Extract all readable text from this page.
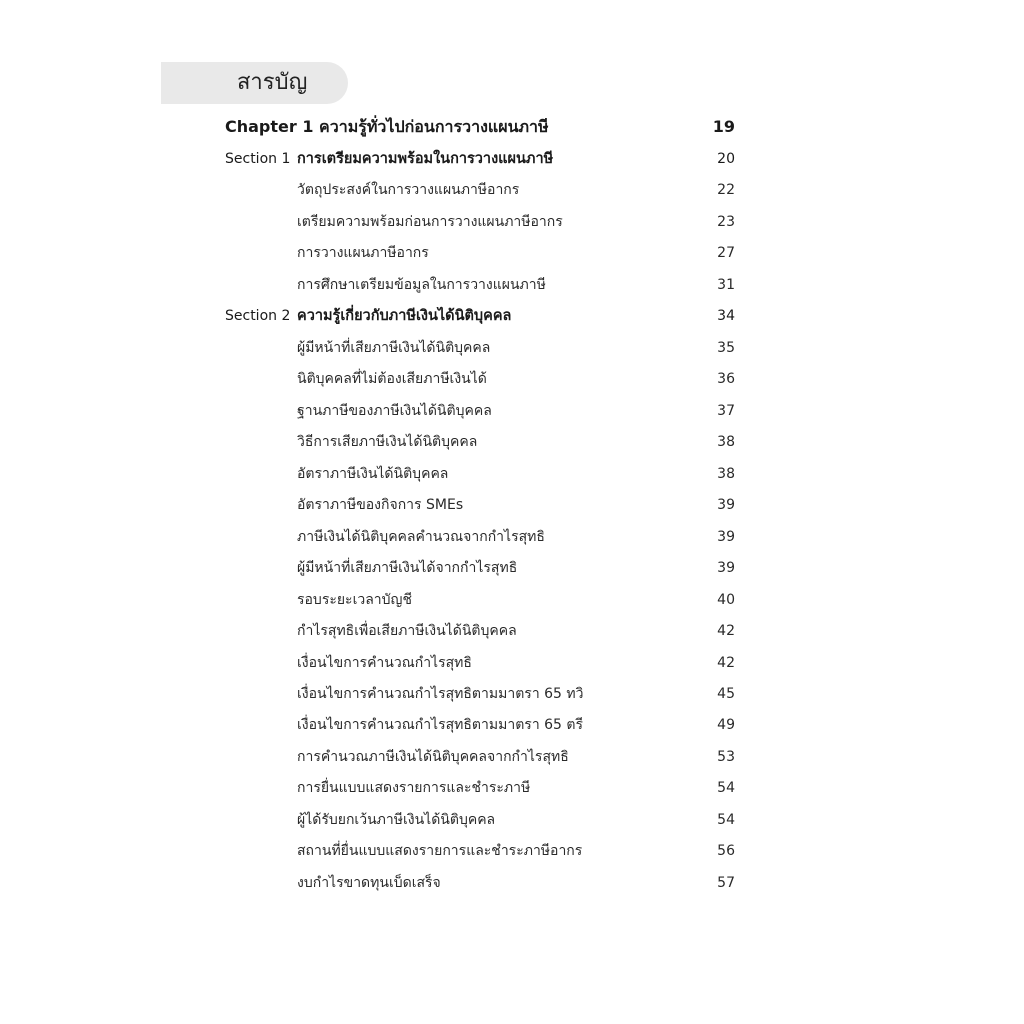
สารบัญ
Chapter 1 ความรู้ทั่วไปก่อนการวางแผนภาษี	19
Section 1 การเตรียมความพร้อมในการวางแผนภาษี	20
วัตถุประสงค์ในการวางแผนภาษีอากร	22
เตรียมความพร้อมก่อนการวางแผนภาษีอากร	23
การวางแผนภาษีอากร	27
การศึกษาเตรียมข้อมูลในการวางแผนภาษี	31
Section 2 ความรู้เกี่ยวกับภาษีเงินได้นิติบุคคล	34
ผู้มีหน้าที่เสียภาษีเงินได้นิติบุคคล	35
นิติบุคคลที่ไม่ต้องเสียภาษีเงินได้	36
ฐานภาษีของภาษีเงินได้นิติบุคคล	37
วิธีการเสียภาษีเงินได้นิติบุคคล	38
อัตราภาษีเงินได้นิติบุคคล	38
อัตราภาษีของกิจการ SMEs	39
ภาษีเงินได้นิติบุคคลคำนวณจากกำไรสุทธิ	39
ผู้มีหน้าที่เสียภาษีเงินได้จากกำไรสุทธิ	39
รอบระยะเวลาบัญชี	40
กำไรสุทธิเพื่อเสียภาษีเงินได้นิติบุคคล	42
เงื่อนไขการคำนวณกำไรสุทธิ	42
เงื่อนไขการคำนวณกำไรสุทธิตามมาตรา 65 ทวิ	45
เงื่อนไขการคำนวณกำไรสุทธิตามมาตรา 65 ตรี	49
การคำนวณภาษีเงินได้นิติบุคคลจากกำไรสุทธิ	53
การยื่นแบบแสดงรายการและชำระภาษี	54
ผู้ได้รับยกเว้นภาษีเงินได้นิติบุคคล	54
สถานที่ยื่นแบบแสดงรายการและชำระภาษีอากร	56
งบกำไรขาดทุนเบ็ดเสร็จ	57
